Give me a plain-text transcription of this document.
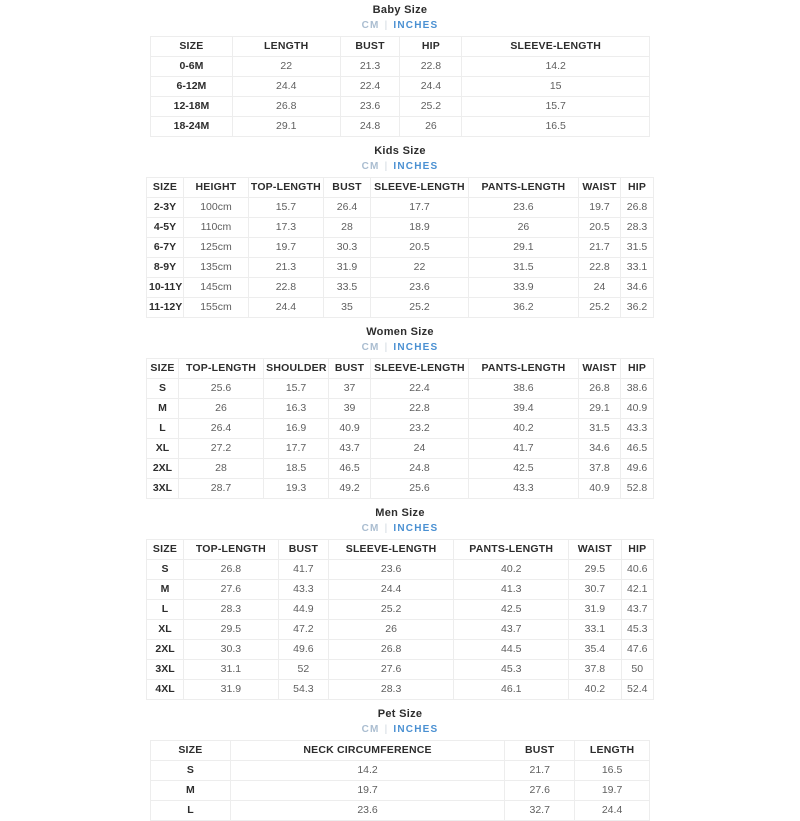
Baby Size
CM | INCHES
SIZE	LENGTH	BUST	HIP	SLEEVE-LENGTH
0-6M	22	21.3	22.8	14.2
6-12M	24.4	22.4	24.4	15
12-18M	26.8	23.6	25.2	15.7
18-24M	29.1	24.8	26	16.5
Kids Size
CM | INCHES
SIZE	HEIGHT	TOP-LENGTH	BUST	SLEEVE-LENGTH	PANTS-LENGTH	WAIST	HIP
2-3Y	100cm	15.7	26.4	17.7	23.6	19.7	26.8
4-5Y	110cm	17.3	28	18.9	26	20.5	28.3
6-7Y	125cm	19.7	30.3	20.5	29.1	21.7	31.5
8-9Y	135cm	21.3	31.9	22	31.5	22.8	33.1
10-11Y	145cm	22.8	33.5	23.6	33.9	24	34.6
11-12Y	155cm	24.4	35	25.2	36.2	25.2	36.2
Women Size
CM | INCHES
SIZE	TOP-LENGTH	SHOULDER	BUST	SLEEVE-LENGTH	PANTS-LENGTH	WAIST	HIP
S	25.6	15.7	37	22.4	38.6	26.8	38.6
M	26	16.3	39	22.8	39.4	29.1	40.9
L	26.4	16.9	40.9	23.2	40.2	31.5	43.3
XL	27.2	17.7	43.7	24	41.7	34.6	46.5
2XL	28	18.5	46.5	24.8	42.5	37.8	49.6
3XL	28.7	19.3	49.2	25.6	43.3	40.9	52.8
Men Size
CM | INCHES
SIZE	TOP-LENGTH	BUST	SLEEVE-LENGTH	PANTS-LENGTH	WAIST	HIP
S	26.8	41.7	23.6	40.2	29.5	40.6
M	27.6	43.3	24.4	41.3	30.7	42.1
L	28.3	44.9	25.2	42.5	31.9	43.7
XL	29.5	47.2	26	43.7	33.1	45.3
2XL	30.3	49.6	26.8	44.5	35.4	47.6
3XL	31.1	52	27.6	45.3	37.8	50
4XL	31.9	54.3	28.3	46.1	40.2	52.4
Pet Size
CM | INCHES
SIZE	NECK CIRCUMFERENCE	BUST	LENGTH
S	14.2	21.7	16.5
M	19.7	27.6	19.7
L	23.6	32.7	24.4
